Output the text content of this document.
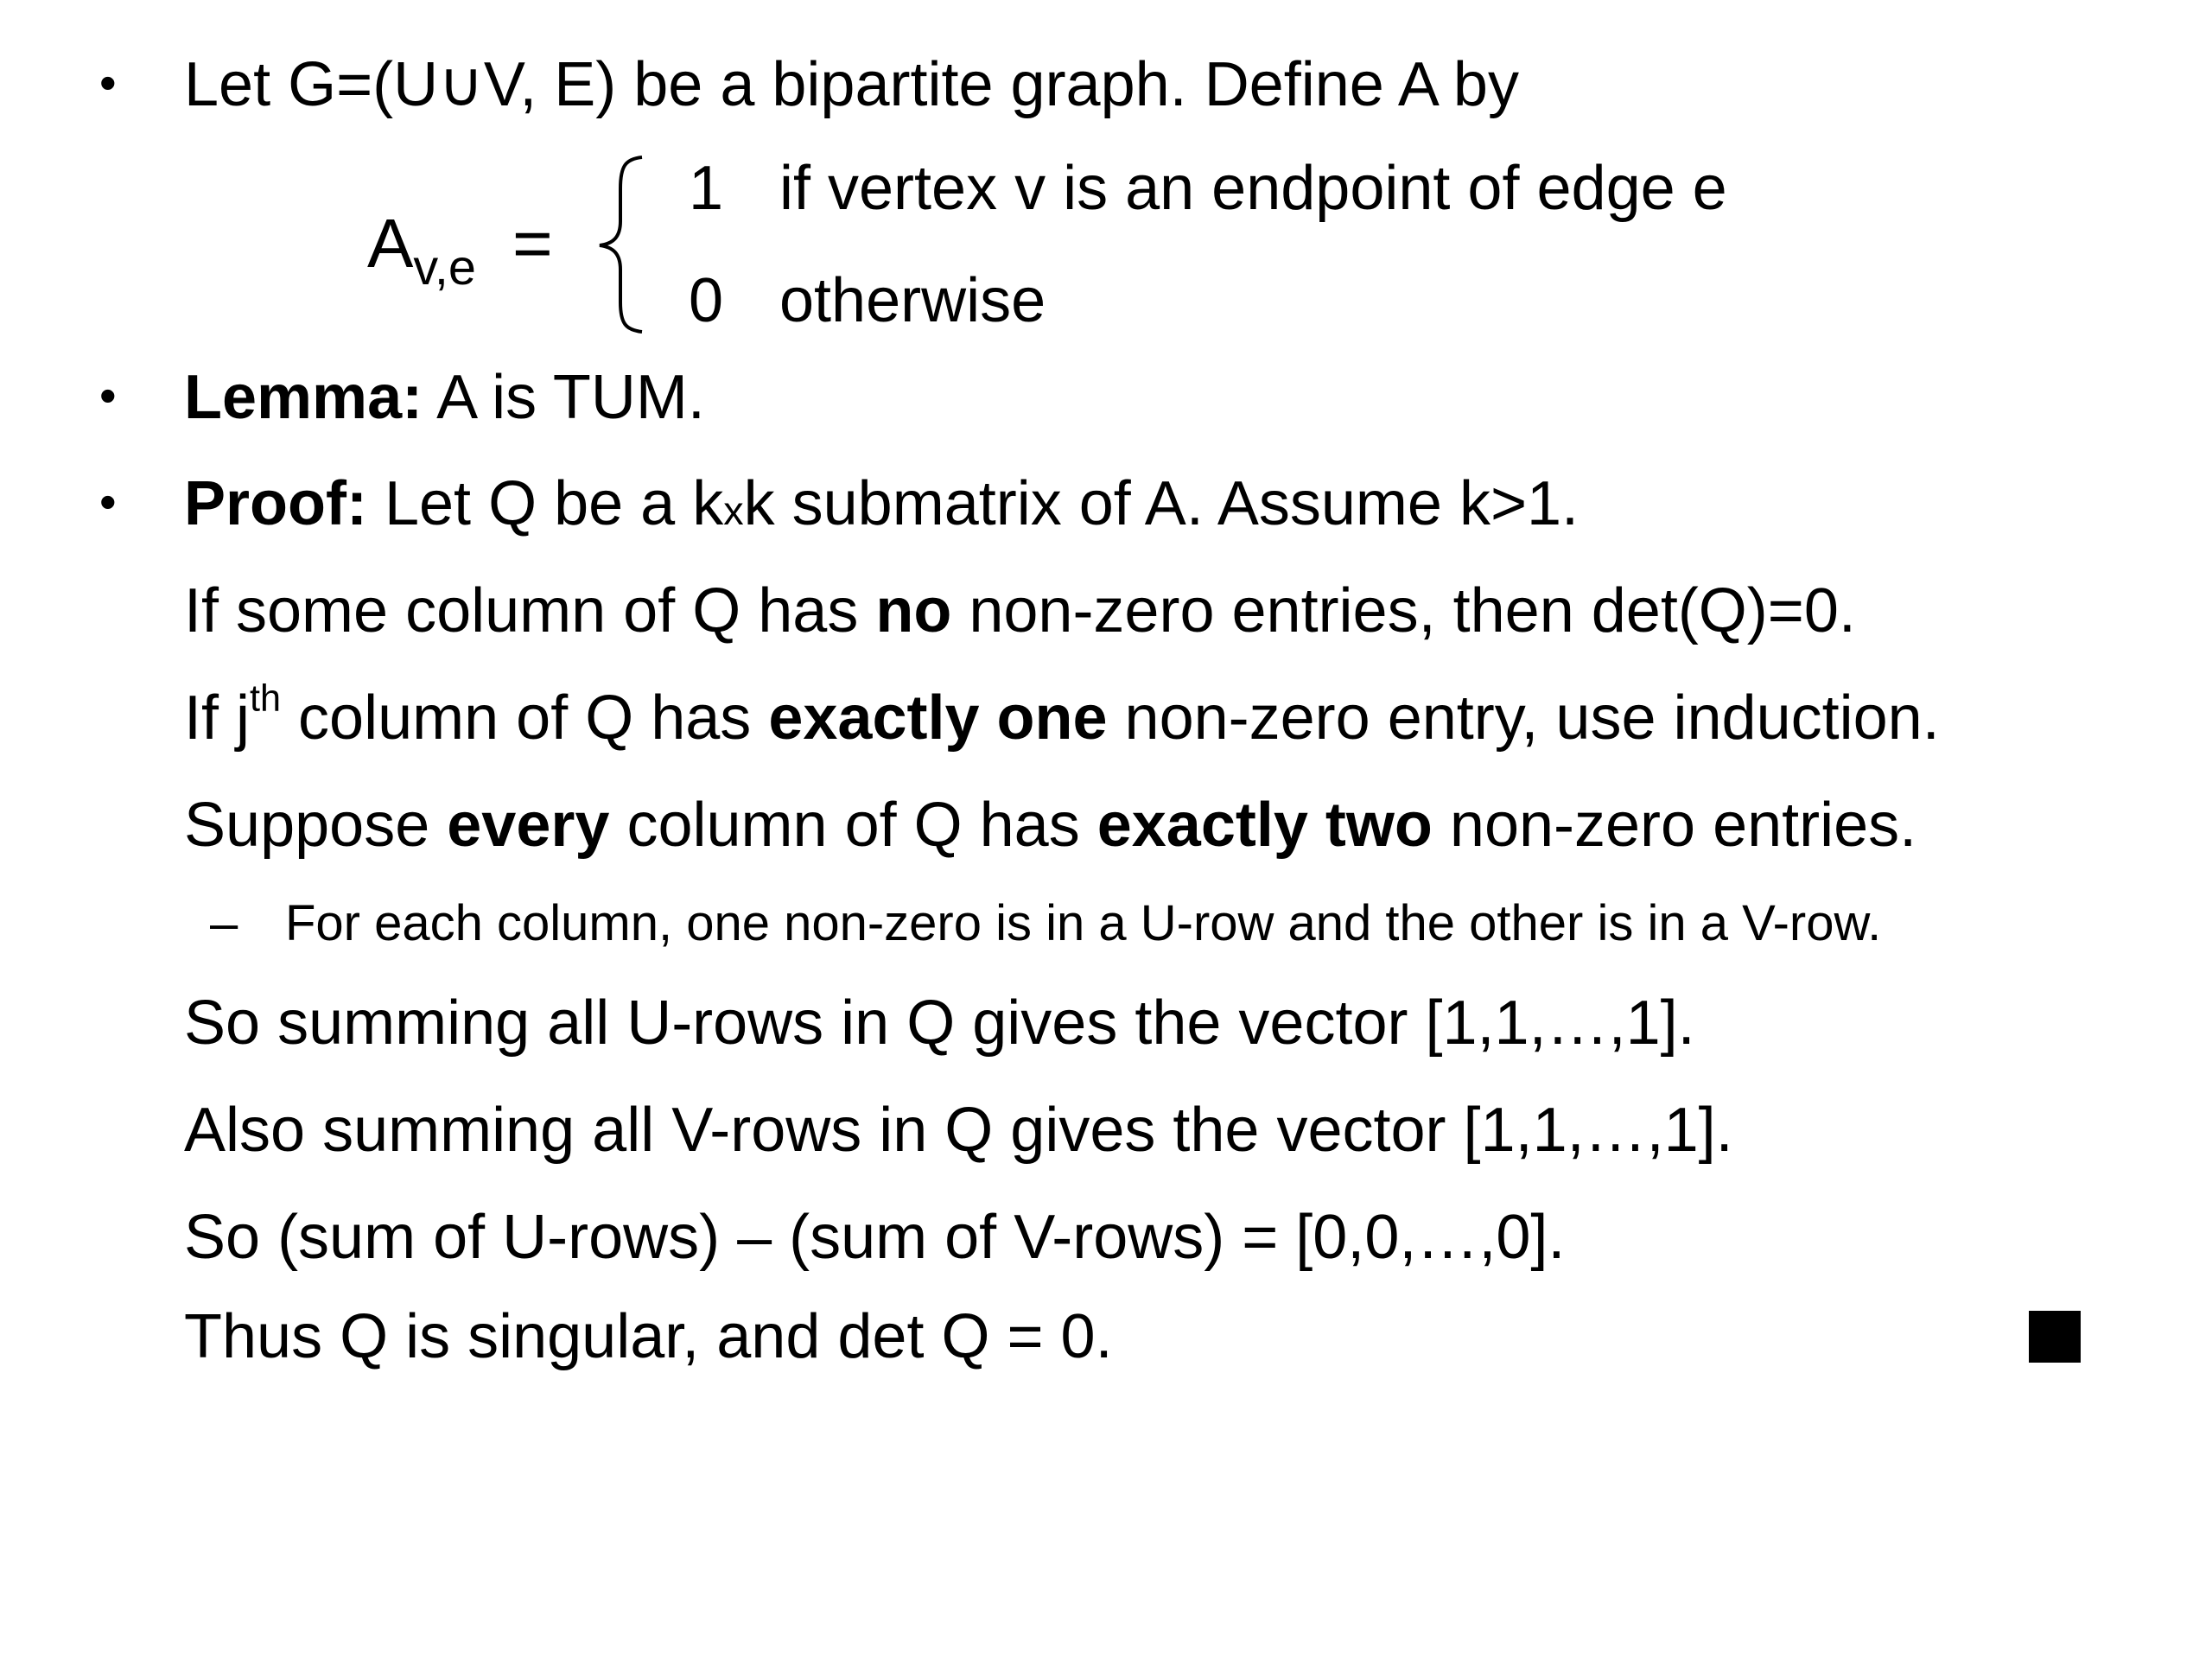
• Let G=(U∪V, E) be a bipartite graph. Define A by
$A_{v,e}$ =
1 if vertex v is an endpoint of edge e
0 otherwise
• Lemma: A is TUM.
• Proof: Let Q be a kxk submatrix of A. Assume k>1.
If some column of Q has no non-zero entries, then det(Q)=0.
If $j^{th}$ column of Q has exactly one non-zero entry, use induction.
Suppose every column of Q has exactly two non-zero entries.
– For each column, one non-zero is in a U-row and the other is in a V-row.
So summing all U-rows in Q gives the vector [1,1,…,1].
Also summing all V-rows in Q gives the vector [1,1,…,1].
So (sum of U-rows) – (sum of V-rows) = [0,0,…,0].
Thus Q is singular, and det Q = 0.
